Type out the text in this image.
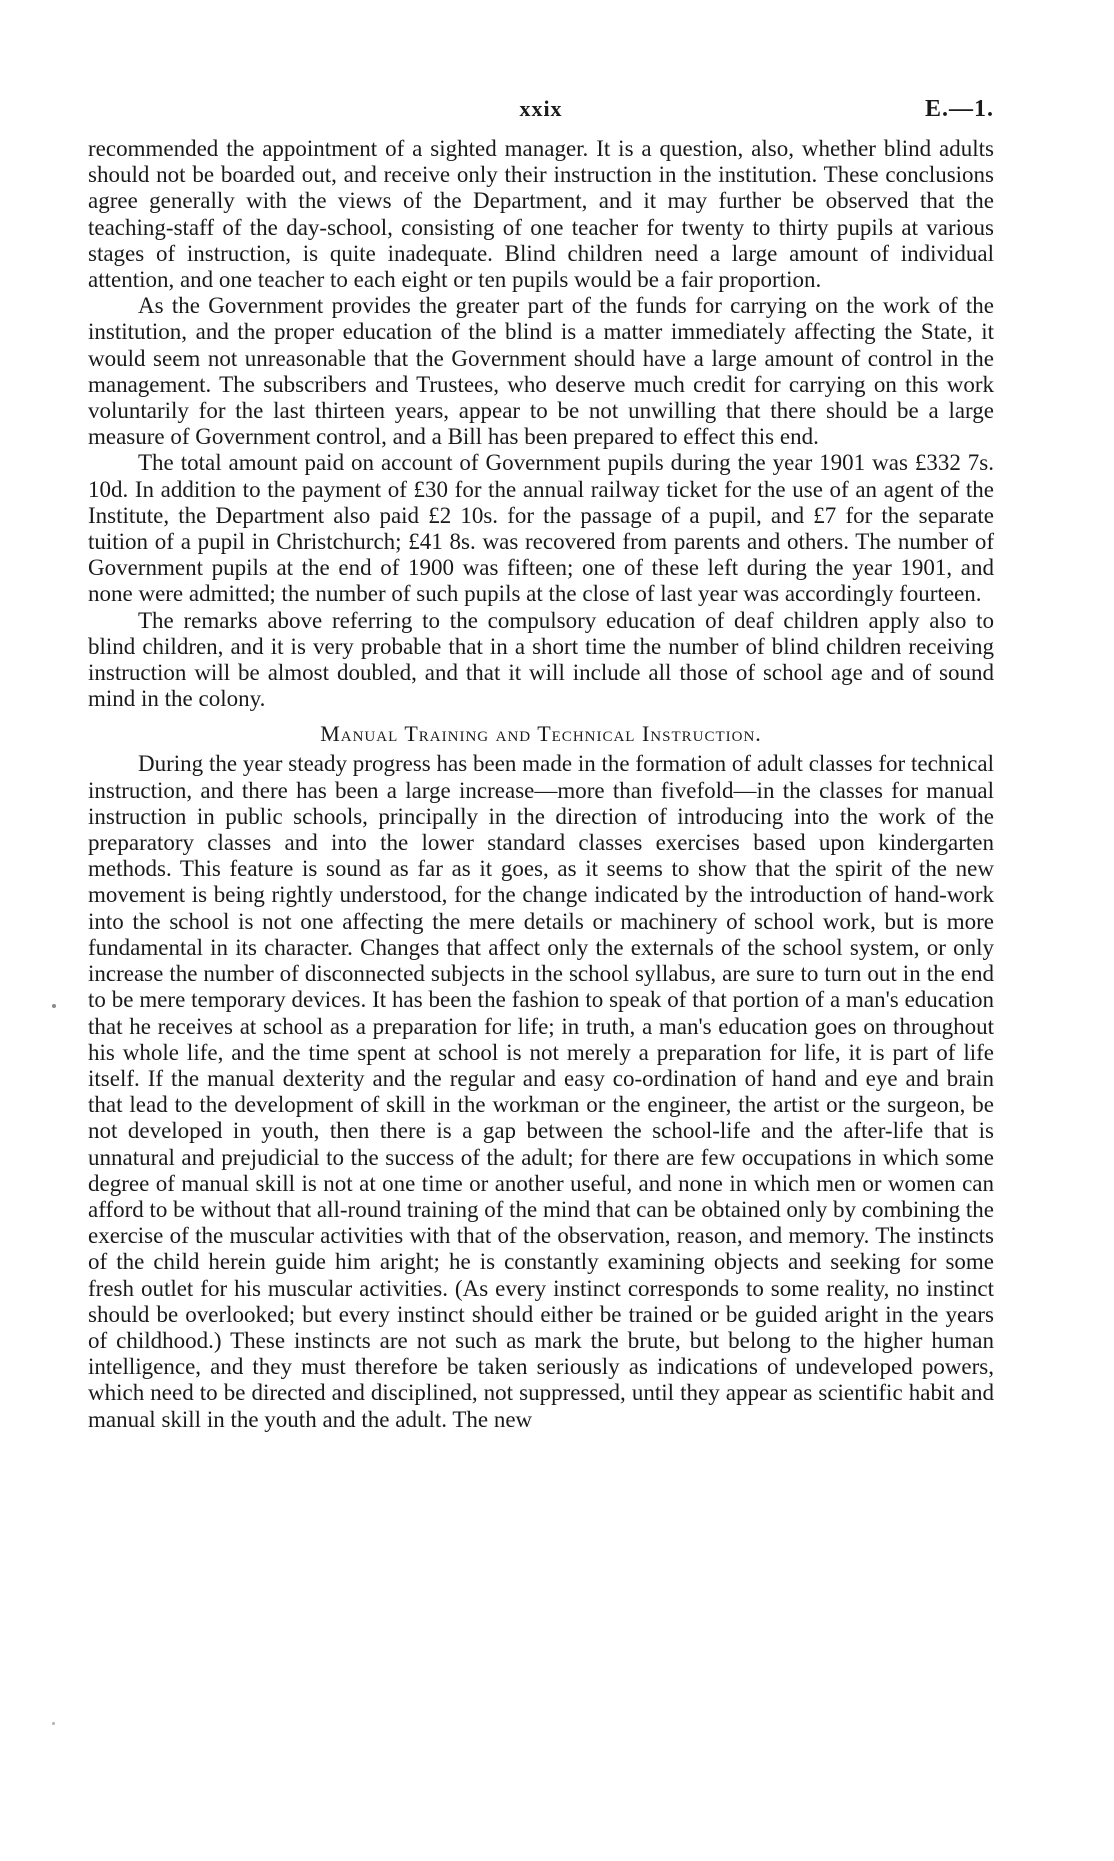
xxix	E.—1.

recommended the appointment of a sighted manager. It is a question, also, whether blind adults should not be boarded out, and receive only their instruction in the institution. These conclusions agree generally with the views of the Department, and it may further be observed that the teaching-staff of the day-school, consisting of one teacher for twenty to thirty pupils at various stages of instruction, is quite inadequate. Blind children need a large amount of individual attention, and one teacher to each eight or ten pupils would be a fair proportion.

As the Government provides the greater part of the funds for carrying on the work of the institution, and the proper education of the blind is a matter immediately affecting the State, it would seem not unreasonable that the Government should have a large amount of control in the management. The subscribers and Trustees, who deserve much credit for carrying on this work voluntarily for the last thirteen years, appear to be not unwilling that there should be a large measure of Government control, and a Bill has been prepared to effect this end.

The total amount paid on account of Government pupils during the year 1901 was £332 7s. 10d. In addition to the payment of £30 for the annual railway ticket for the use of an agent of the Institute, the Department also paid £2 10s. for the passage of a pupil, and £7 for the separate tuition of a pupil in Christchurch; £41 8s. was recovered from parents and others. The number of Government pupils at the end of 1900 was fifteen; one of these left during the year 1901, and none were admitted; the number of such pupils at the close of last year was accordingly fourteen.

The remarks above referring to the compulsory education of deaf children apply also to blind children, and it is very probable that in a short time the number of blind children receiving instruction will be almost doubled, and that it will include all those of school age and of sound mind in the colony.

Manual Training and Technical Instruction.

During the year steady progress has been made in the formation of adult classes for technical instruction, and there has been a large increase—more than fivefold—in the classes for manual instruction in public schools, principally in the direction of introducing into the work of the preparatory classes and into the lower standard classes exercises based upon kindergarten methods. This feature is sound as far as it goes, as it seems to show that the spirit of the new movement is being rightly understood, for the change indicated by the introduction of hand-work into the school is not one affecting the mere details or machinery of school work, but is more fundamental in its character. Changes that affect only the externals of the school system, or only increase the number of disconnected subjects in the school syllabus, are sure to turn out in the end to be mere temporary devices. It has been the fashion to speak of that portion of a man's education that he receives at school as a preparation for life; in truth, a man's education goes on throughout his whole life, and the time spent at school is not merely a preparation for life, it is part of life itself. If the manual dexterity and the regular and easy co-ordination of hand and eye and brain that lead to the development of skill in the workman or the engineer, the artist or the surgeon, be not developed in youth, then there is a gap between the school-life and the after-life that is unnatural and prejudicial to the success of the adult; for there are few occupations in which some degree of manual skill is not at one time or another useful, and none in which men or women can afford to be without that all-round training of the mind that can be obtained only by combining the exercise of the muscular activities with that of the observation, reason, and memory. The instincts of the child herein guide him aright; he is constantly examining objects and seeking for some fresh outlet for his muscular activities. (As every instinct corresponds to some reality, no instinct should be overlooked; but every instinct should either be trained or be guided aright in the years of childhood.) These instincts are not such as mark the brute, but belong to the higher human intelligence, and they must therefore be taken seriously as indications of undeveloped powers, which need to be directed and disciplined, not suppressed, until they appear as scientific habit and manual skill in the youth and the adult. The new
